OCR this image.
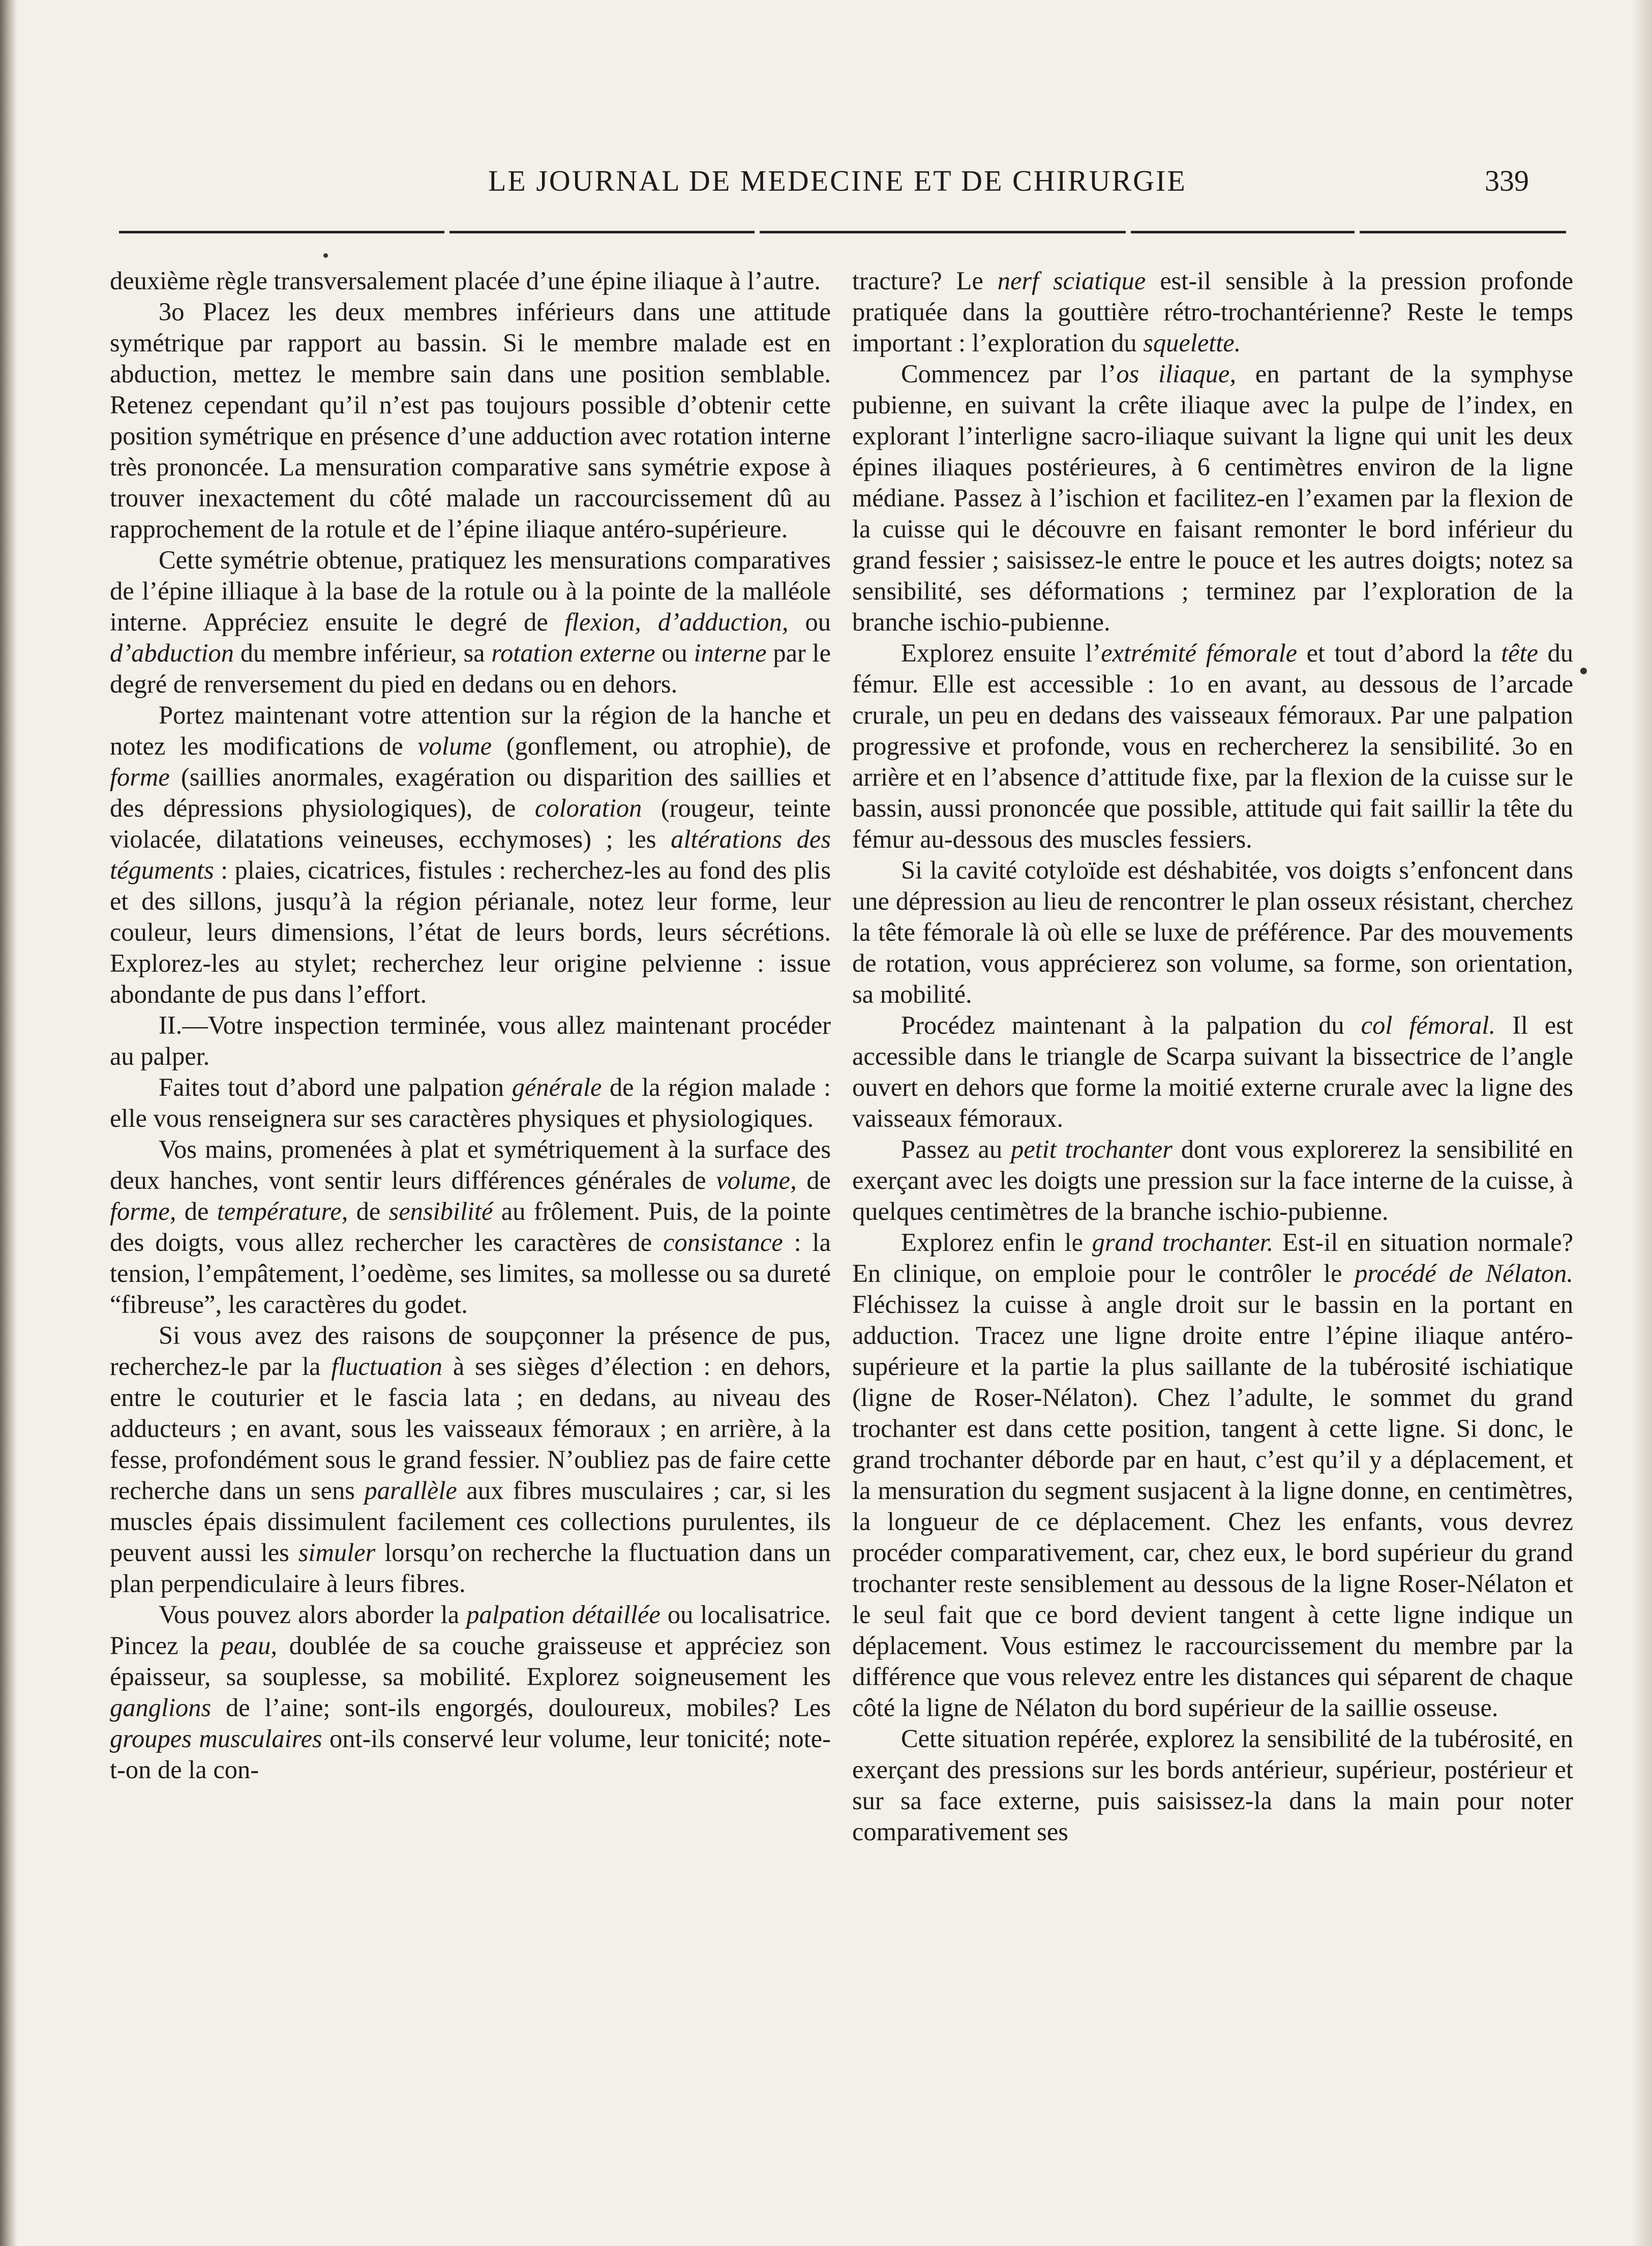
LE JOURNAL DE MEDECINE ET DE CHIRURGIE	339

deuxième règle transversalement placée d’une épine iliaque à l’autre.

3o Placez les deux membres inférieurs dans une attitude symétrique par rapport au bassin. Si le membre malade est en abduction, mettez le membre sain dans une position semblable. Retenez cependant qu’il n’est pas toujours possible d’obtenir cette position symétrique en présence d’une adduction avec rotation interne très prononcée. La mensuration comparative sans symétrie expose à trouver inexactement du côté malade un raccourcissement dû au rapprochement de la rotule et de l’épine iliaque antéro-supérieure.

Cette symétrie obtenue, pratiquez les mensurations comparatives de l’épine illiaque à la base de la rotule ou à la pointe de la malléole interne. Appréciez ensuite le degré de flexion, d’adduction, ou d’abduction du membre inférieur, sa rotation externe ou interne par le degré de renversement du pied en dedans ou en dehors.

Portez maintenant votre attention sur la région de la hanche et notez les modifications de volume (gonflement, ou atrophie), de forme (saillies anormales, exagération ou disparition des saillies et des dépressions physiologiques), de coloration (rougeur, teinte violacée, dilatations veineuses, ecchymoses) ; les altérations des téguments : plaies, cicatrices, fistules : recherchez-les au fond des plis et des sillons, jusqu’à la région périanale, notez leur forme, leur couleur, leurs dimensions, l’état de leurs bords, leurs sécrétions. Explorez-les au stylet; recherchez leur origine pelvienne : issue abondante de pus dans l’effort.

II.—Votre inspection terminée, vous allez maintenant procéder au palper.

Faites tout d’abord une palpation générale de la région malade : elle vous renseignera sur ses caractères physiques et physiologiques.

Vos mains, promenées à plat et symétriquement à la surface des deux hanches, vont sentir leurs différences générales de volume, de forme, de température, de sensibilité au frôlement. Puis, de la pointe des doigts, vous allez rechercher les caractères de consistance : la tension, l’empâtement, l’oedème, ses limites, sa mollesse ou sa dureté “fibreuse”, les caractères du godet.

Si vous avez des raisons de soupçonner la présence de pus, recherchez-le par la fluctuation à ses sièges d’élection : en dehors, entre le couturier et le fascia lata ; en dedans, au niveau des adducteurs ; en avant, sous les vaisseaux fémoraux ; en arrière, à la fesse, profondément sous le grand fessier. N’oubliez pas de faire cette recherche dans un sens parallèle aux fibres musculaires ; car, si les muscles épais dissimulent facilement ces collections purulentes, ils peuvent aussi les simuler lorsqu’on recherche la fluctuation dans un plan perpendiculaire à leurs fibres.

Vous pouvez alors aborder la palpation détaillée ou localisatrice. Pincez la peau, doublée de sa couche graisseuse et appréciez son épaisseur, sa souplesse, sa mobilité. Explorez soigneusement les ganglions de l’aine; sont-ils engorgés, douloureux, mobiles? Les groupes musculaires ont-ils conservé leur volume, leur tonicité; note-t-on de la con-

tracture? Le nerf sciatique est-il sensible à la pression profonde pratiquée dans la gouttière rétro-trochantérienne? Reste le temps important : l’exploration du squelette.

Commencez par l’os iliaque, en partant de la symphyse pubienne, en suivant la crête iliaque avec la pulpe de l’index, en explorant l’interligne sacro-iliaque suivant la ligne qui unit les deux épines iliaques postérieures, à 6 centimètres environ de la ligne médiane. Passez à l’ischion et facilitez-en l’examen par la flexion de la cuisse qui le découvre en faisant remonter le bord inférieur du grand fessier ; saisissez-le entre le pouce et les autres doigts; notez sa sensibilité, ses déformations ; terminez par l’exploration de la branche ischio-pubienne.

Explorez ensuite l’extrémité fémorale et tout d’abord la tête du fémur. Elle est accessible : 1o en avant, au dessous de l’arcade crurale, un peu en dedans des vaisseaux fémoraux. Par une palpation progressive et profonde, vous en rechercherez la sensibilité. 3o en arrière et en l’absence d’attitude fixe, par la flexion de la cuisse sur le bassin, aussi prononcée que possible, attitude qui fait saillir la tête du fémur au-dessous des muscles fessiers.

Si la cavité cotyloïde est déshabitée, vos doigts s’enfoncent dans une dépression au lieu de rencontrer le plan osseux résistant, cherchez la tête fémorale là où elle se luxe de préférence. Par des mouvements de rotation, vous apprécierez son volume, sa forme, son orientation, sa mobilité.

Procédez maintenant à la palpation du col fémoral. Il est accessible dans le triangle de Scarpa suivant la bissectrice de l’angle ouvert en dehors que forme la moitié externe crurale avec la ligne des vaisseaux fémoraux.

Passez au petit trochanter dont vous explorerez la sensibilité en exerçant avec les doigts une pression sur la face interne de la cuisse, à quelques centimètres de la branche ischio-pubienne.

Explorez enfin le grand trochanter. Est-il en situation normale? En clinique, on emploie pour le contrôler le procédé de Nélaton. Fléchissez la cuisse à angle droit sur le bassin en la portant en adduction. Tracez une ligne droite entre l’épine iliaque antéro-supérieure et la partie la plus saillante de la tubérosité ischiatique (ligne de Roser-Nélaton). Chez l’adulte, le sommet du grand trochanter est dans cette position, tangent à cette ligne. Si donc, le grand trochanter déborde par en haut, c’est qu’il y a déplacement, et la mensuration du segment susjacent à la ligne donne, en centimètres, la longueur de ce déplacement. Chez les enfants, vous devrez procéder comparativement, car, chez eux, le bord supérieur du grand trochanter reste sensiblement au dessous de la ligne Roser-Nélaton et le seul fait que ce bord devient tangent à cette ligne indique un déplacement. Vous estimez le raccourcissement du membre par la différence que vous relevez entre les distances qui séparent de chaque côté la ligne de Nélaton du bord supérieur de la saillie osseuse.

Cette situation repérée, explorez la sensibilité de la tubérosité, en exerçant des pressions sur les bords antérieur, supérieur, postérieur et sur sa face externe, puis saisissez-la dans la main pour noter comparativement ses
